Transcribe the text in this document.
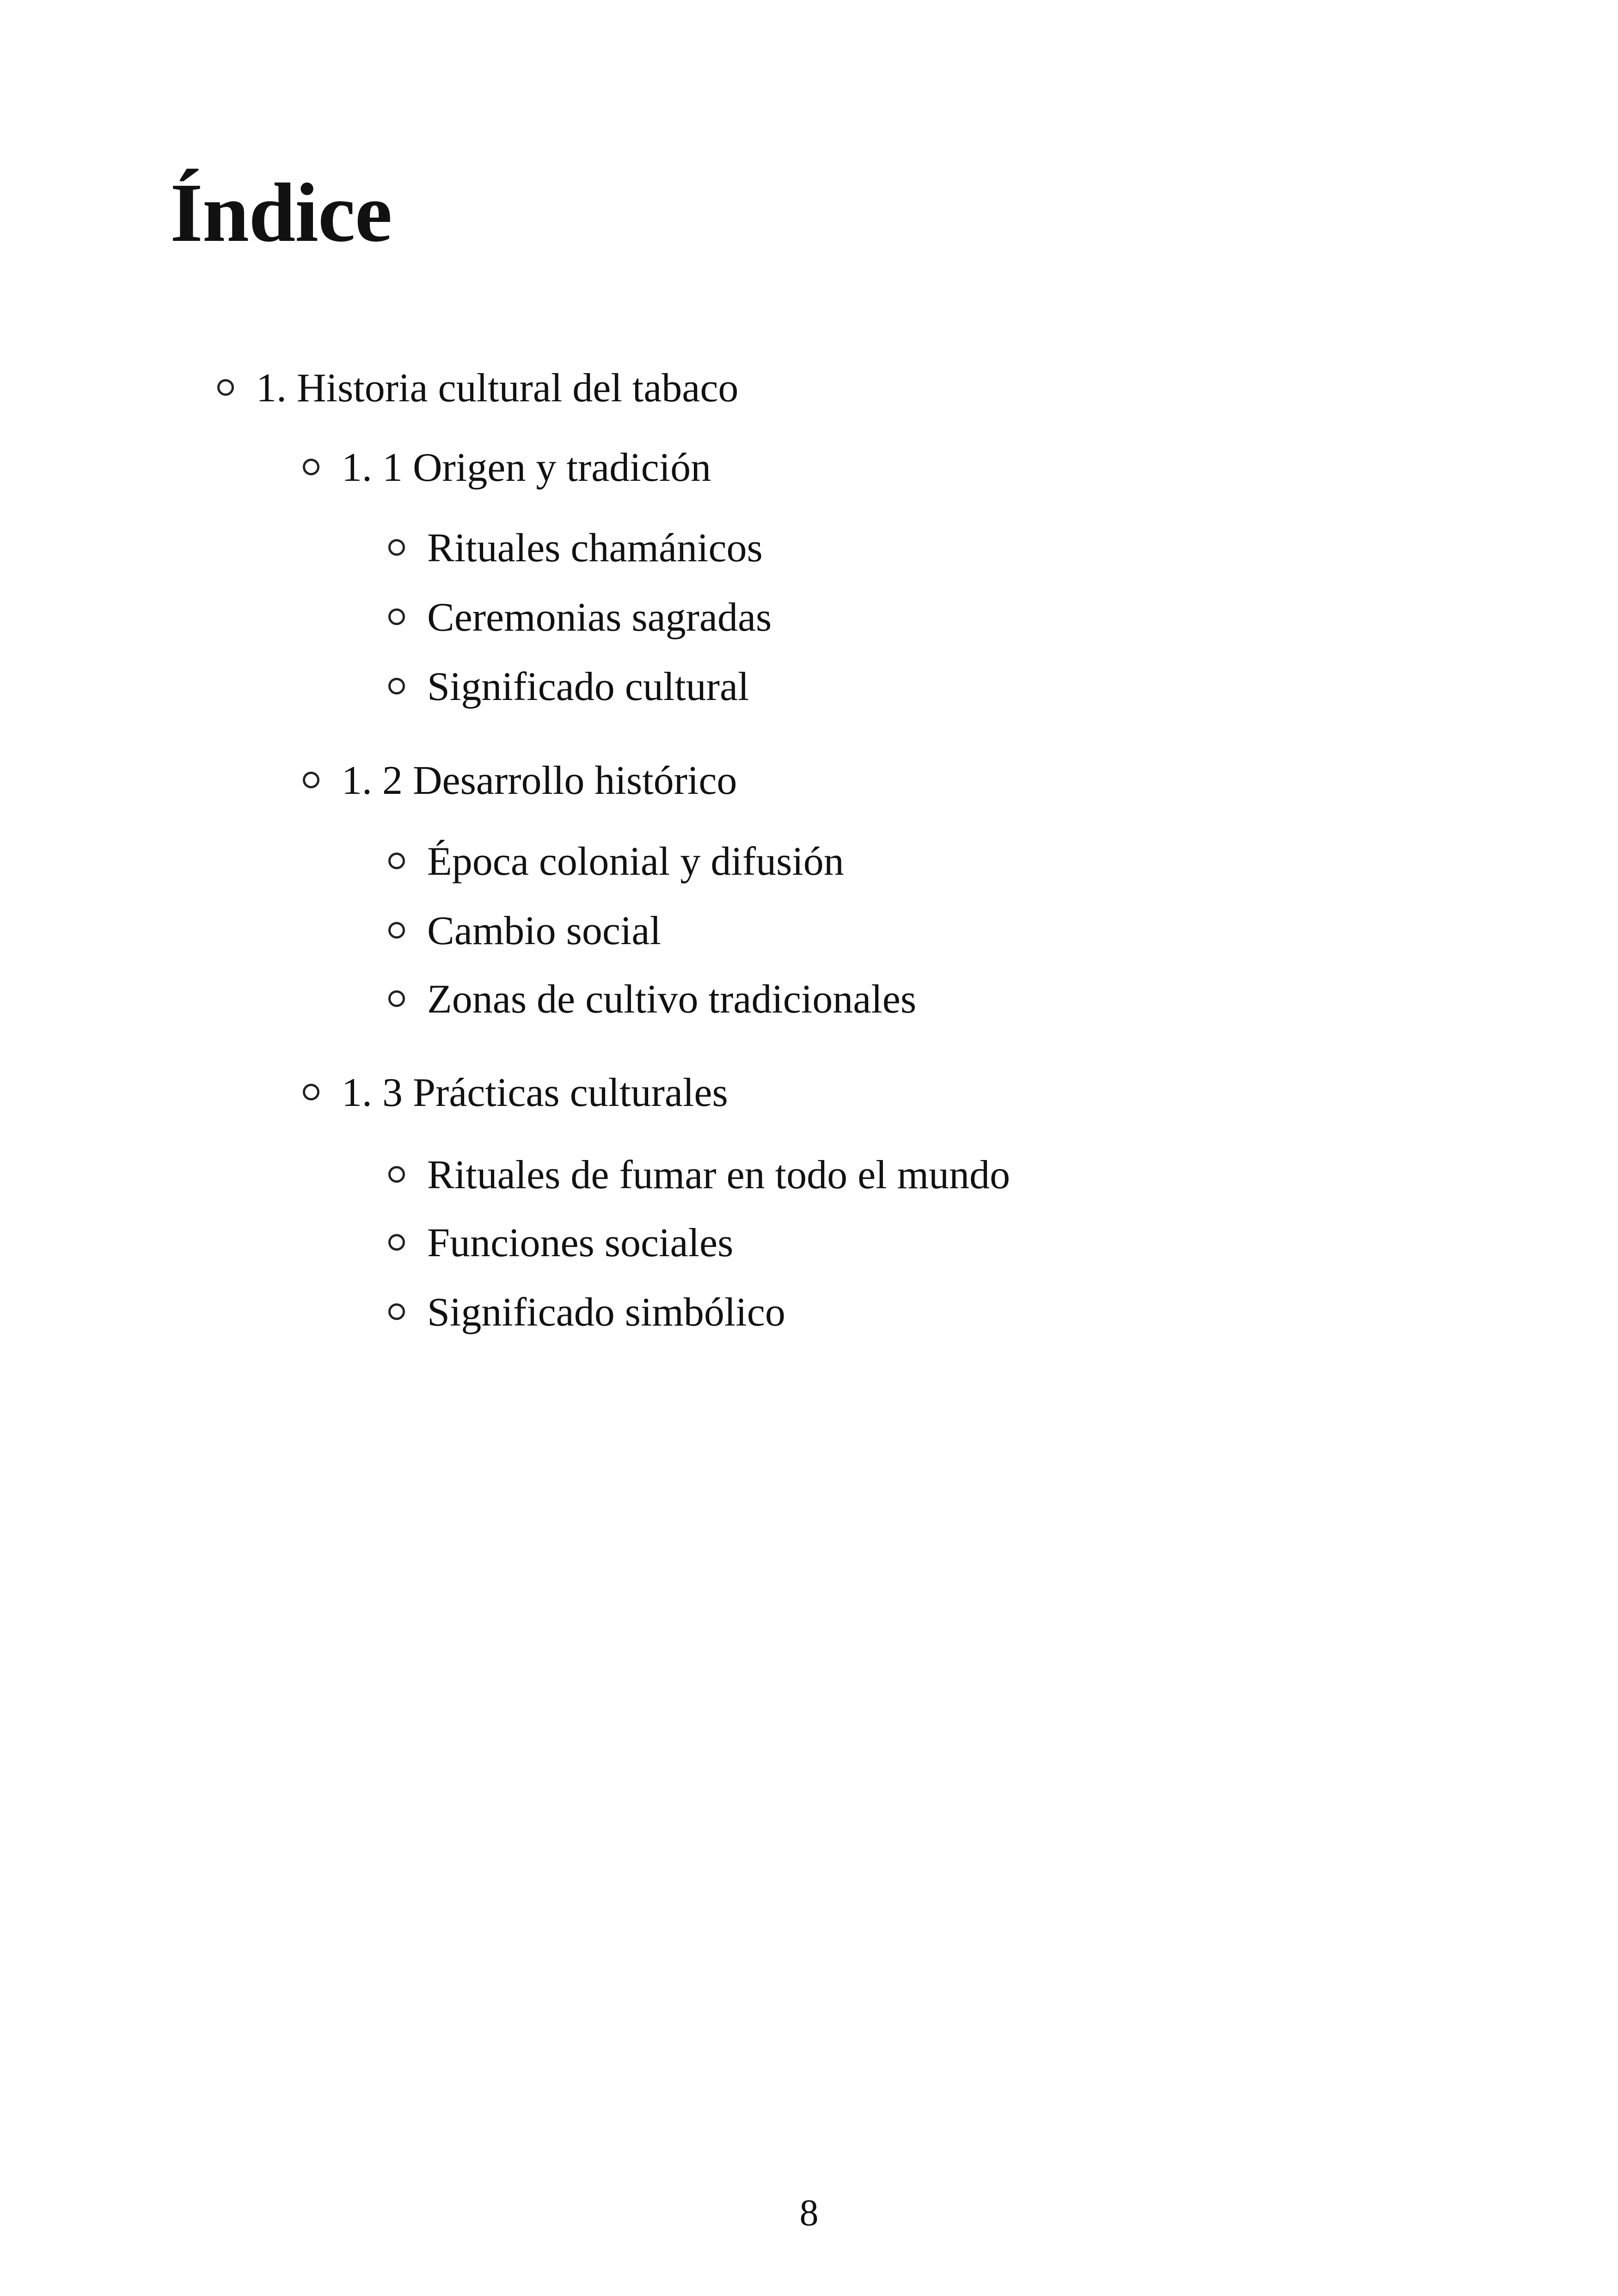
Índice
1. Historia cultural del tabaco
1. 1 Origen y tradición
Rituales chamánicos
Ceremonias sagradas
Significado cultural
1. 2 Desarrollo histórico
Época colonial y difusión
Cambio social
Zonas de cultivo tradicionales
1. 3 Prácticas culturales
Rituales de fumar en todo el mundo
Funciones sociales
Significado simbólico
8
